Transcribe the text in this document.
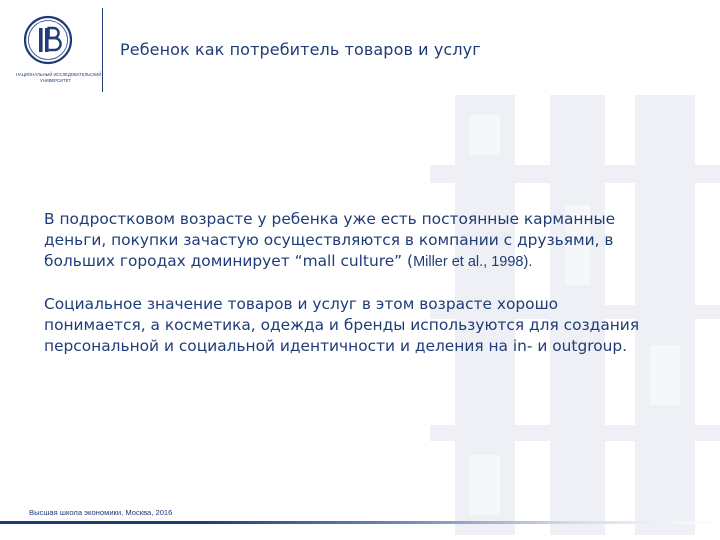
НАЦИОНАЛЬНЫЙ ИССЛЕДОВАТЕЛЬСКИЙ
УНИВЕРСИТЕТ
Ребенок как потребитель товаров и услуг

В подростковом возрасте у ребенка уже есть постоянные карманные деньги, покупки зачастую осуществляются в компании с друзьями, в больших городах доминирует “mall culture” (Miller et al., 1998).

Социальное значение товаров и услуг в этом возрасте хорошо понимается, а косметика, одежда и бренды используются для создания персональной и социальной идентичности и деления на in- и outgroup.

Высшая школа экономики, Москва, 2016
